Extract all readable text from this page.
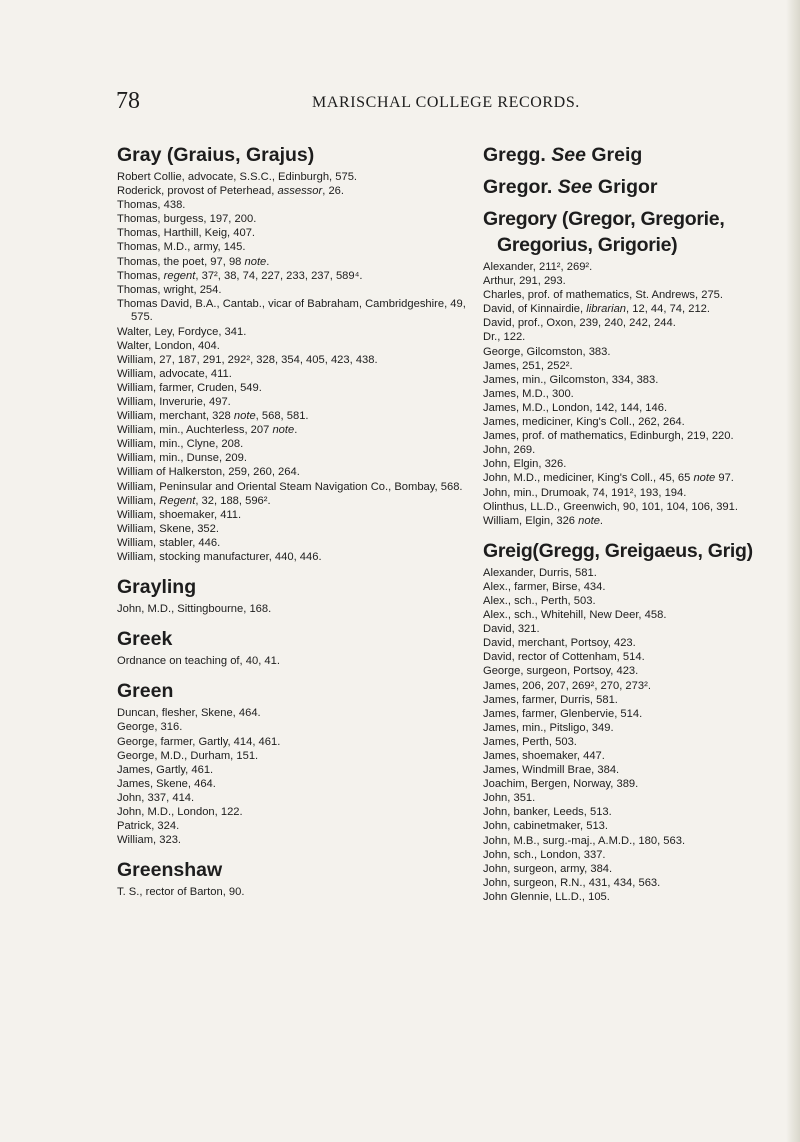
78	MARISCHAL COLLEGE RECORDS.
Gray (Graius, Grajus)
Robert Collie, advocate, S.S.C., Edinburgh, 575.
Roderick, provost of Peterhead, assessor, 26.
Thomas, 438.
Thomas, burgess, 197, 200.
Thomas, Harthill, Keig, 407.
Thomas, M.D., army, 145.
Thomas, the poet, 97, 98 note.
Thomas, regent, 37², 38, 74, 227, 233, 237, 589⁴.
Thomas, wright, 254.
Thomas David, B.A., Cantab., vicar of Babraham, Cambridgeshire, 49, 575.
Walter, Ley, Fordyce, 341.
Walter, London, 404.
William, 27, 187, 291, 292², 328, 354, 405, 423, 438.
William, advocate, 411.
William, farmer, Cruden, 549.
William, Inverurie, 497.
William, merchant, 328 note, 568, 581.
William, min., Auchterless, 207 note.
William, min., Clyne, 208.
William, min., Dunse, 209.
William of Halkerston, 259, 260, 264.
William, Peninsular and Oriental Steam Navigation Co., Bombay, 568.
William, Regent, 32, 188, 596².
William, shoemaker, 411.
William, Skene, 352.
William, stabler, 446.
William, stocking manufacturer, 440, 446.
Grayling
John, M.D., Sittingbourne, 168.
Greek
Ordnance on teaching of, 40, 41.
Green
Duncan, flesher, Skene, 464.
George, 316.
George, farmer, Gartly, 414, 461.
George, M.D., Durham, 151.
James, Gartly, 461.
James, Skene, 464.
John, 337, 414.
John, M.D., London, 122.
Patrick, 324.
William, 323.
Greenshaw
T. S., rector of Barton, 90.
Gregg. See Greig
Gregor. See Grigor
Gregory (Gregor, Gregorie,
Gregorius, Grigorie)
Alexander, 211², 269².
Arthur, 291, 293.
Charles, prof. of mathematics, St. Andrews, 275.
David, of Kinnairdie, librarian, 12, 44, 74, 212.
David, prof., Oxon, 239, 240, 242, 244.
Dr., 122.
George, Gilcomston, 383.
James, 251, 252².
James, min., Gilcomston, 334, 383.
James, M.D., 300.
James, M.D., London, 142, 144, 146.
James, mediciner, King's Coll., 262, 264.
James, prof. of mathematics, Edinburgh, 219, 220.
John, 269.
John, Elgin, 326.
John, M.D., mediciner, King's Coll., 45, 65 note 97.
John, min., Drumoak, 74, 191², 193, 194.
Olinthus, LL.D., Greenwich, 90, 101, 104, 106, 391.
William, Elgin, 326 note.
Greig(Gregg, Greigaeus, Grig)
Alexander, Durris, 581.
Alex., farmer, Birse, 434.
Alex., sch., Perth, 503.
Alex., sch., Whitehill, New Deer, 458.
David, 321.
David, merchant, Portsoy, 423.
David, rector of Cottenham, 514.
George, surgeon, Portsoy, 423.
James, 206, 207, 269², 270, 273².
James, farmer, Durris, 581.
James, farmer, Glenbervie, 514.
James, min., Pitsligo, 349.
James, Perth, 503.
James, shoemaker, 447.
James, Windmill Brae, 384.
Joachim, Bergen, Norway, 389.
John, 351.
John, banker, Leeds, 513.
John, cabinetmaker, 513.
John, M.B., surg.-maj., A.M.D., 180, 563.
John, sch., London, 337.
John, surgeon, army, 384.
John, surgeon, R.N., 431, 434, 563.
John Glennie, LL.D., 105.
